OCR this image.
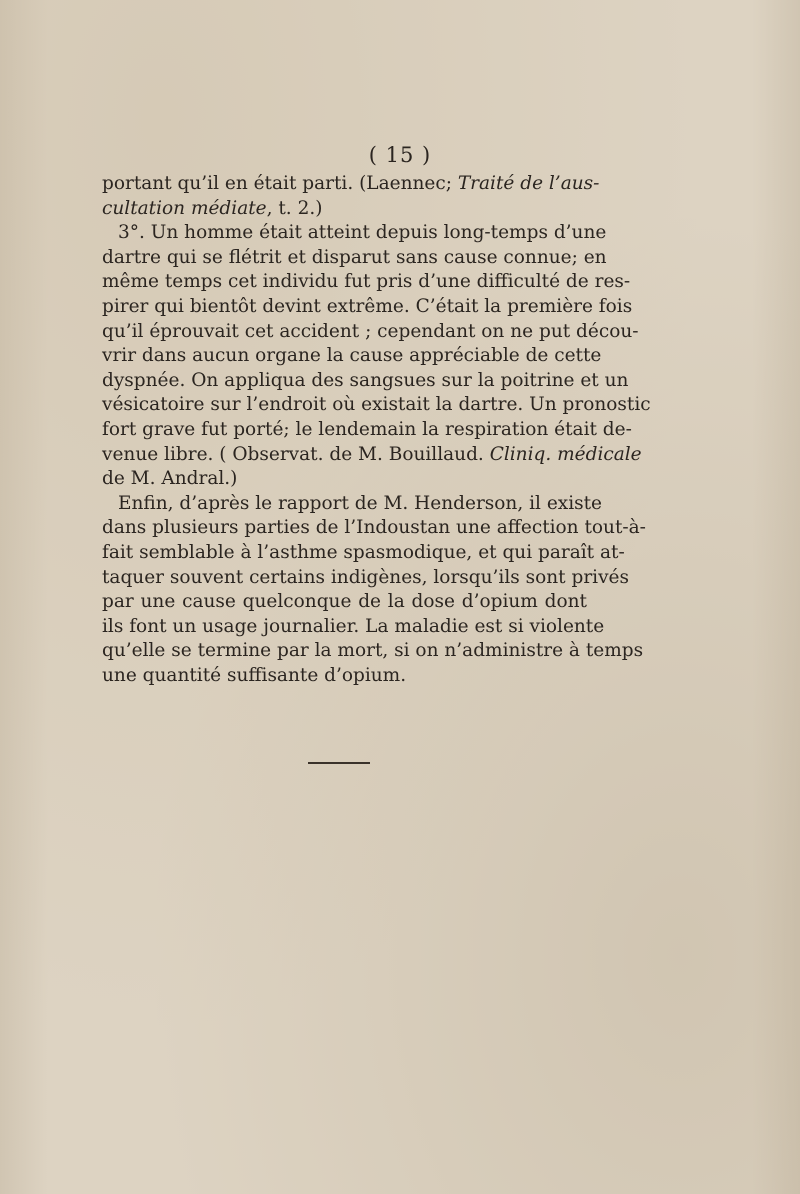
( 15 )
portant qu’il en était parti. (Laennec; Traité de l’aus-
cultation médiate, t. 2.)
3°. Un homme était atteint depuis long-temps d’une
dartre qui se flétrit et disparut sans cause connue; en
même temps cet individu fut pris d’une difficulté de res-
pirer qui bientôt devint extrême. C’était la première fois
qu’il éprouvait cet accident ; cependant on ne put décou-
vrir dans aucun organe la cause appréciable de cette
dyspnée. On appliqua des sangsues sur la poitrine et un
vésicatoire sur l’endroit où existait la dartre. Un pronostic
fort grave fut porté; le lendemain la respiration était de-
venue libre. ( Observat. de M. Bouillaud. Cliniq. médicale
de M. Andral.)
Enfin, d’après le rapport de M. Henderson, il existe
dans plusieurs parties de l’Indoustan une affection tout-à-
fait semblable à l’asthme spasmodique, et qui paraît at-
taquer souvent certains indigènes, lorsqu’ils sont privés
par une cause quelconque de la dose d’opium dont
ils font un usage journalier. La maladie est si violente
qu’elle se termine par la mort, si on n’administre à temps
une quantité suffisante d’opium.
